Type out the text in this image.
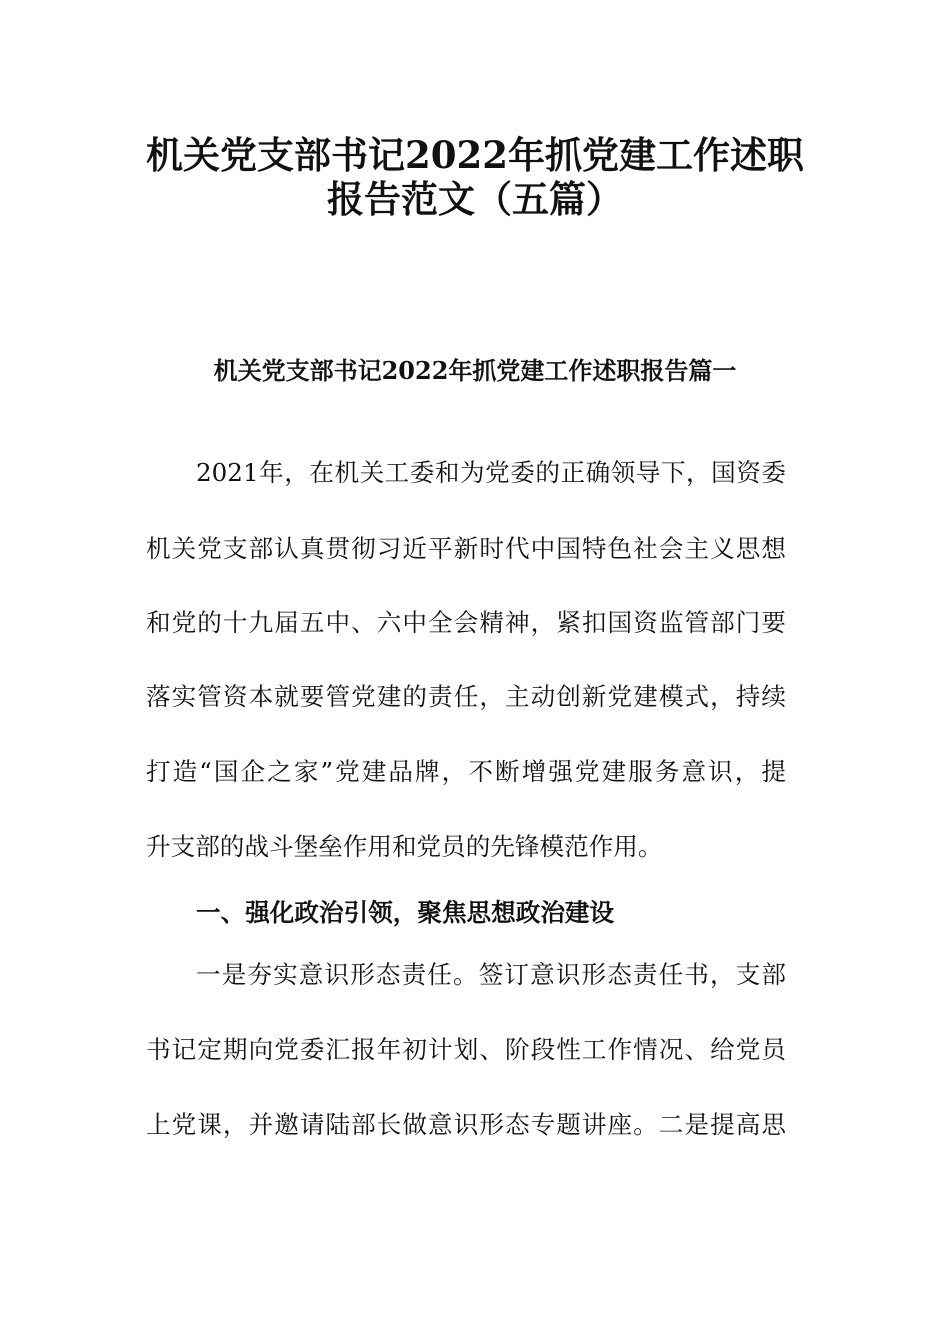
机关党支部书记2022年抓党建工作述职
报告范文（五篇）
机关党支部书记2022年抓党建工作述职报告篇一

2021年，在机关工委和为党委的正确领导下，国资委

机关党支部认真贯彻习近平新时代中国特色社会主义思想

和党的十九届五中、六中全会精神，紧扣国资监管部门要

落实管资本就要管党建的责任，主动创新党建模式，持续

打造“国企之家”党建品牌，不断增强党建服务意识，提

升支部的战斗堡垒作用和党员的先锋模范作用。

一、强化政治引领，聚焦思想政治建设

一是夯实意识形态责任。签订意识形态责任书，支部

书记定期向党委汇报年初计划、阶段性工作情况、给党员

上党课，并邀请陆部长做意识形态专题讲座。二是提高思
